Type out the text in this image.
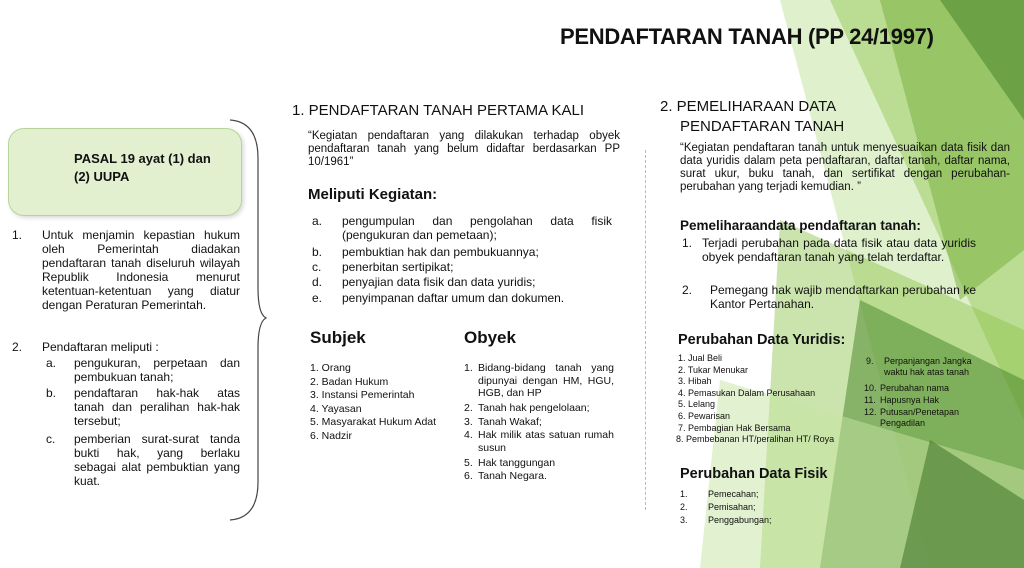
PENDAFTARAN TANAH (PP 24/1997)
PASAL 19 ayat (1) dan
(2) UUPA
1. Untuk menjamin kepastian hukum oleh Pemerintah diadakan pendaftaran tanah diseluruh wilayah Republik Indonesia menurut ketentuan-ketentuan yang diatur dengan Peraturan Pemerintah.
2. Pendaftaran meliputi :
a. pengukuran, perpetaan dan pembukuan tanah;
b. pendaftaran hak-hak atas tanah dan peralihan hak-hak tersebut;
c. pemberian surat-surat tanda bukti hak, yang berlaku sebagai alat pembuktian yang kuat.
1. PENDAFTARAN TANAH PERTAMA KALI
“Kegiatan pendaftaran yang dilakukan terhadap obyek pendaftaran tanah yang belum didaftar berdasarkan PP 10/1961”
Meliputi Kegiatan:
a. pengumpulan dan pengolahan data fisik (pengukuran dan pemetaan);
b. pembuktian hak dan pembukuannya;
c. penerbitan sertipikat;
d. penyajian data fisik dan data yuridis;
e. penyimpanan daftar umum dan dokumen.
Subjek
1. Orang
2. Badan Hukum
3. Instansi Pemerintah
4. Yayasan
5. Masyarakat Hukum Adat
6. Nadzir
Obyek
1. Bidang-bidang tanah yang dipunyai dengan HM, HGU, HGB, dan HP
2. Tanah hak pengelolaan;
3. Tanah Wakaf;
4. Hak milik atas satuan rumah susun
5. Hak tanggungan
6. Tanah Negara.
2. PEMELIHARAAN DATA
PENDAFTARAN TANAH
“Kegiatan pendaftaran tanah untuk menyesuaikan data fisik dan data yuridis dalam peta pendaftaran, daftar tanah, daftar nama, surat ukur, buku tanah, dan sertifikat dengan perubahan-perubahan yang terjadi kemudian. ”
Pemeliharaandata pendaftaran tanah:
1. Terjadi perubahan pada data fisik atau data yuridis obyek pendaftaran tanah yang telah terdaftar.
2. Pemegang hak wajib mendaftarkan perubahan ke Kantor Pertanahan.
Perubahan Data Yuridis:
1. Jual Beli
2. Tukar Menukar
3. Hibah
4. Pemasukan Dalam Perusahaan
5. Lelang
6. Pewarisan
7. Pembagian Hak Bersama
8. Pembebanan HT/peralihan HT/ Roya
9. Perpanjangan Jangka waktu hak atas tanah
10. Perubahan nama
11. Hapusnya Hak
12. Putusan/Penetapan Pengadilan
Perubahan Data Fisik
1. Pemecahan;
2. Pemisahan;
3. Penggabungan;
